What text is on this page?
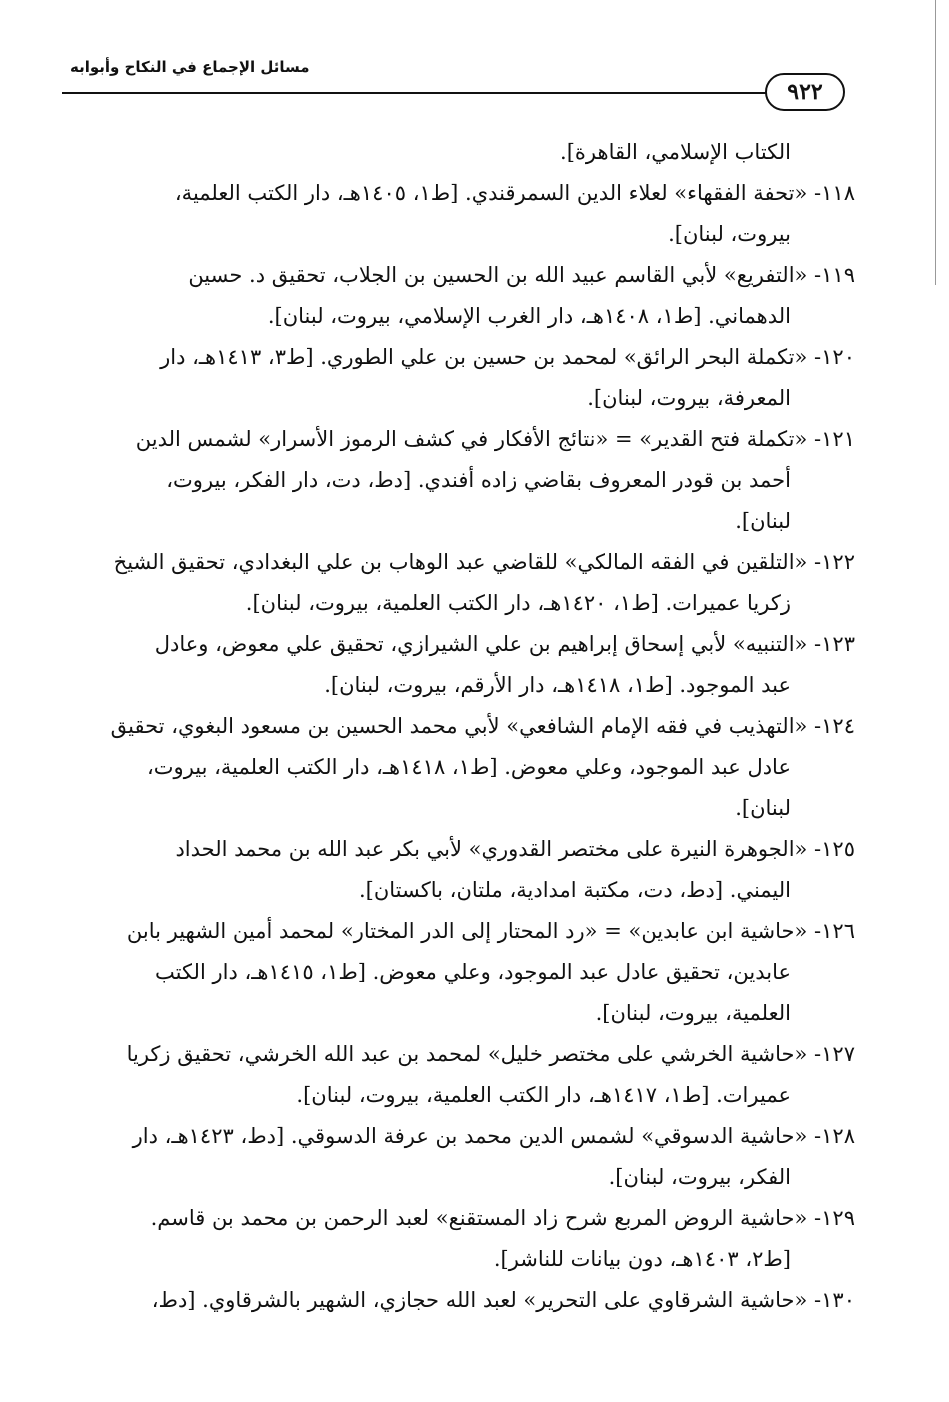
مسائل الإجماع في النكاح وأبوابه
٩٢٢
الكتاب الإسلامي، القاهرة].
١١٨- «تحفة الفقهاء» لعلاء الدين السمرقندي. [ط١، ١٤٠٥هـ، دار الكتب العلمية،
بيروت، لبنان].
١١٩- «التفريع» لأبي القاسم عبيد الله بن الحسين بن الجلاب، تحقيق د. حسين
الدهماني. [ط١، ١٤٠٨هـ، دار الغرب الإسلامي، بيروت، لبنان].
١٢٠- «تكملة البحر الرائق» لمحمد بن حسين بن علي الطوري. [ط٣، ١٤١٣هـ، دار
المعرفة، بيروت، لبنان].
١٢١- «تكملة فتح القدير» = «نتائج الأفكار في كشف الرموز الأسرار» لشمس الدين
أحمد بن قودر المعروف بقاضي زاده أفندي. [دط، دت، دار الفكر، بيروت،
لبنان].
١٢٢- «التلقين في الفقه المالكي» للقاضي عبد الوهاب بن علي البغدادي، تحقيق الشيخ
زكريا عميرات. [ط١، ١٤٢٠هـ، دار الكتب العلمية، بيروت، لبنان].
١٢٣- «التنبيه» لأبي إسحاق إبراهيم بن علي الشيرازي، تحقيق علي معوض، وعادل
عبد الموجود. [ط١، ١٤١٨هـ، دار الأرقم، بيروت، لبنان].
١٢٤- «التهذيب في فقه الإمام الشافعي» لأبي محمد الحسين بن مسعود البغوي، تحقيق
عادل عبد الموجود، وعلي معوض. [ط١، ١٤١٨هـ، دار الكتب العلمية، بيروت،
لبنان].
١٢٥- «الجوهرة النيرة على مختصر القدوري» لأبي بكر عبد الله بن محمد الحداد
اليمني. [دط، دت، مكتبة امدادية، ملتان، باكستان].
١٢٦- «حاشية ابن عابدين» = «رد المحتار إلى الدر المختار» لمحمد أمين الشهير بابن
عابدين، تحقيق عادل عبد الموجود، وعلي معوض. [ط١، ١٤١٥هـ، دار الكتب
العلمية، بيروت، لبنان].
١٢٧- «حاشية الخرشي على مختصر خليل» لمحمد بن عبد الله الخرشي، تحقيق زكريا
عميرات. [ط١، ١٤١٧هـ، دار الكتب العلمية، بيروت، لبنان].
١٢٨- «حاشية الدسوقي» لشمس الدين محمد بن عرفة الدسوقي. [دط، ١٤٢٣هـ، دار
الفكر، بيروت، لبنان].
١٢٩- «حاشية الروض المربع شرح زاد المستقنع» لعبد الرحمن بن محمد بن قاسم.
[ط٢، ١٤٠٣هـ، دون بيانات للناشر].
١٣٠- «حاشية الشرقاوي على التحرير» لعبد الله حجازي، الشهير بالشرقاوي. [دط،
